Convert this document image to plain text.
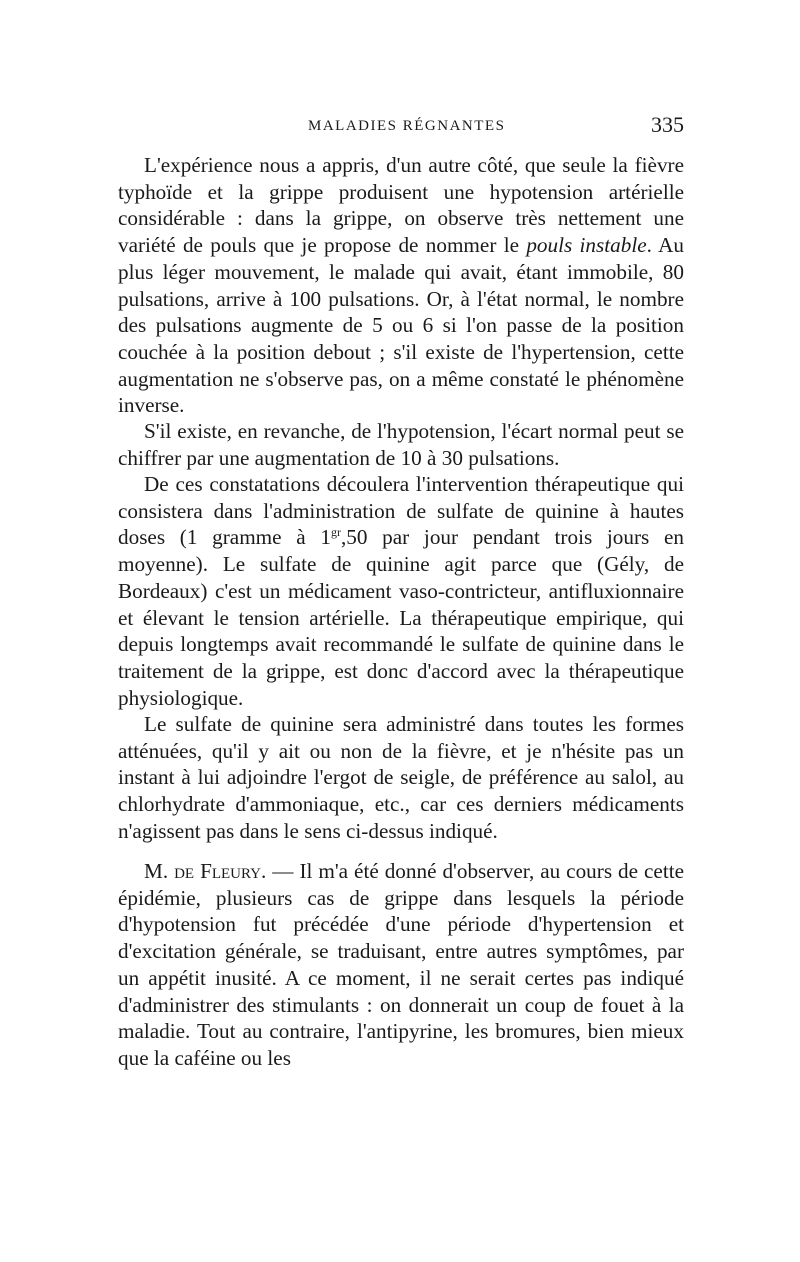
MALADIES RÉGNANTES	335

L'expérience nous a appris, d'un autre côté, que seule la fièvre typhoïde et la grippe produisent une hypotension artérielle considérable : dans la grippe, on observe très nettement une variété de pouls que je propose de nommer le pouls instable. Au plus léger mouvement, le malade qui avait, étant immobile, 80 pulsations, arrive à 100 pulsations. Or, à l'état normal, le nombre des pulsations augmente de 5 ou 6 si l'on passe de la position couchée à la position debout ; s'il existe de l'hypertension, cette augmentation ne s'observe pas, on a même constaté le phénomène inverse.

S'il existe, en revanche, de l'hypotension, l'écart normal peut se chiffrer par une augmentation de 10 à 30 pulsations.

De ces constatations découlera l'intervention thérapeutique qui consistera dans l'administration de sulfate de quinine à hautes doses (1 gramme à $1^{gr},50$ par jour pendant trois jours en moyenne). Le sulfate de quinine agit parce que (Gély, de Bordeaux) c'est un médicament vaso-contricteur, antifluxionnaire et élevant le tension artérielle. La thérapeutique empirique, qui depuis longtemps avait recommandé le sulfate de quinine dans le traitement de la grippe, est donc d'accord avec la thérapeutique physiologique.

Le sulfate de quinine sera administré dans toutes les formes atténuées, qu'il y ait ou non de la fièvre, et je n'hésite pas un instant à lui adjoindre l'ergot de seigle, de préférence au salol, au chlorhydrate d'ammoniaque, etc., car ces derniers médicaments n'agissent pas dans le sens ci-dessus indiqué.

M. de Fleury. — Il m'a été donné d'observer, au cours de cette épidémie, plusieurs cas de grippe dans lesquels la période d'hypotension fut précédée d'une période d'hypertension et d'excitation générale, se traduisant, entre autres symptômes, par un appétit inusité. A ce moment, il ne serait certes pas indiqué d'administrer des stimulants : on donnerait un coup de fouet à la maladie. Tout au contraire, l'antipyrine, les bromures, bien mieux que la caféine ou les
